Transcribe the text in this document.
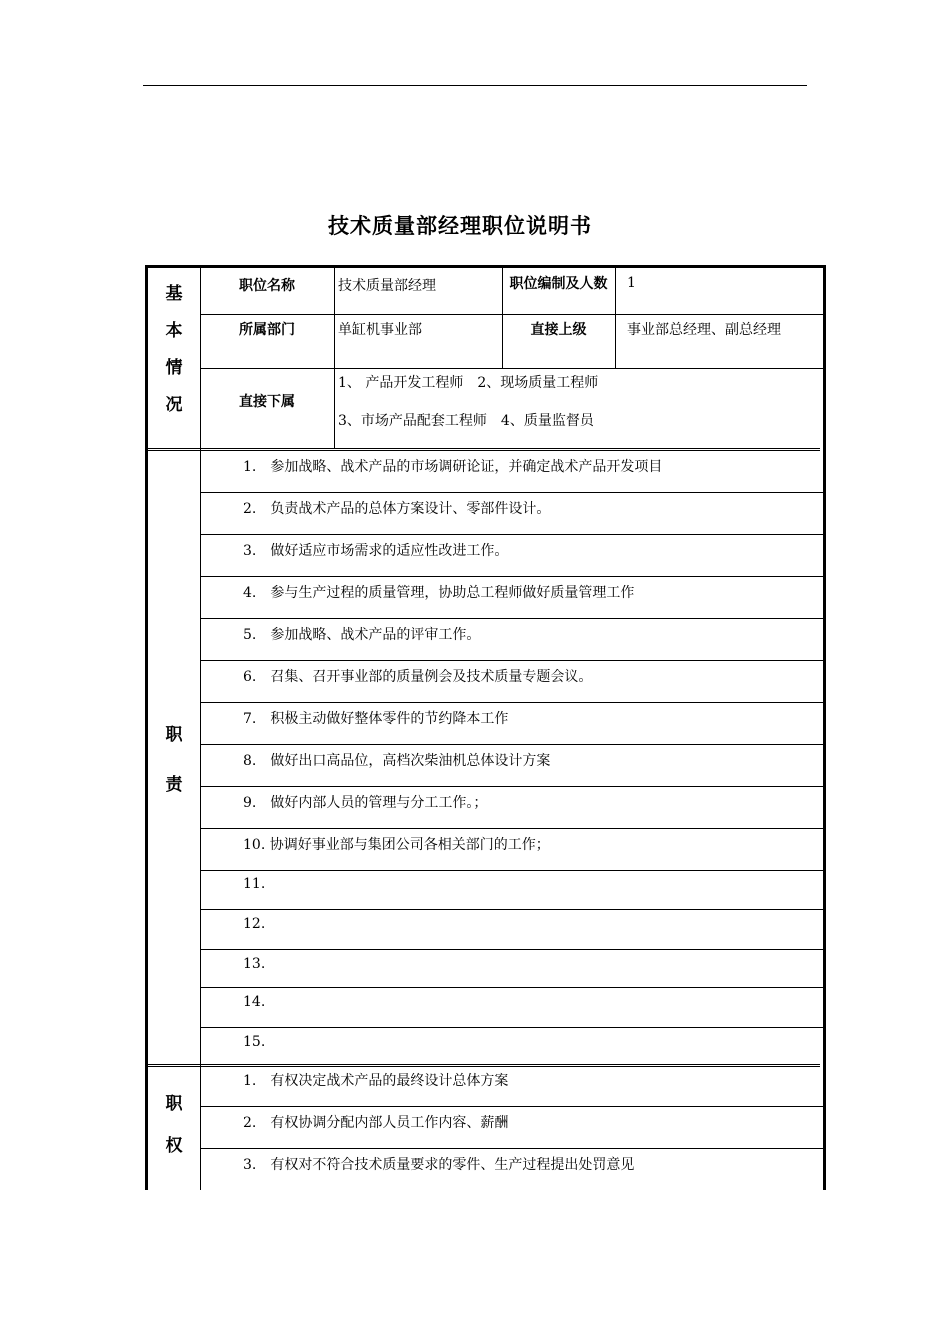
技术质量部经理职位说明书
基
本
情
况
职位名称	技术质量部经理	职位编制及人数	1
所属部门	单缸机事业部	直接上级	事业部总经理、副总经理
直接下属
1、 产品开发工程师　2、现场质量工程师
3、市场产品配套工程师　4、质量监督员
职
责
1.　参加战略、战术产品的市场调研论证，并确定战术产品开发项目
2.　负责战术产品的总体方案设计、零部件设计。
3.　做好适应市场需求的适应性改进工作。
4.　参与生产过程的质量管理，协助总工程师做好质量管理工作
5.　参加战略、战术产品的评审工作。
6.　召集、召开事业部的质量例会及技术质量专题会议。
7.　积极主动做好整体零件的节约降本工作
8.　做好出口高品位，高档次柴油机总体设计方案
9.　做好内部人员的管理与分工工作。；
10. 协调好事业部与集团公司各相关部门的工作；
11.
12.
13.
14.
15.
职
权
1.　有权决定战术产品的最终设计总体方案
2.　有权协调分配内部人员工作内容、薪酬
3.　有权对不符合技术质量要求的零件、生产过程提出处罚意见
